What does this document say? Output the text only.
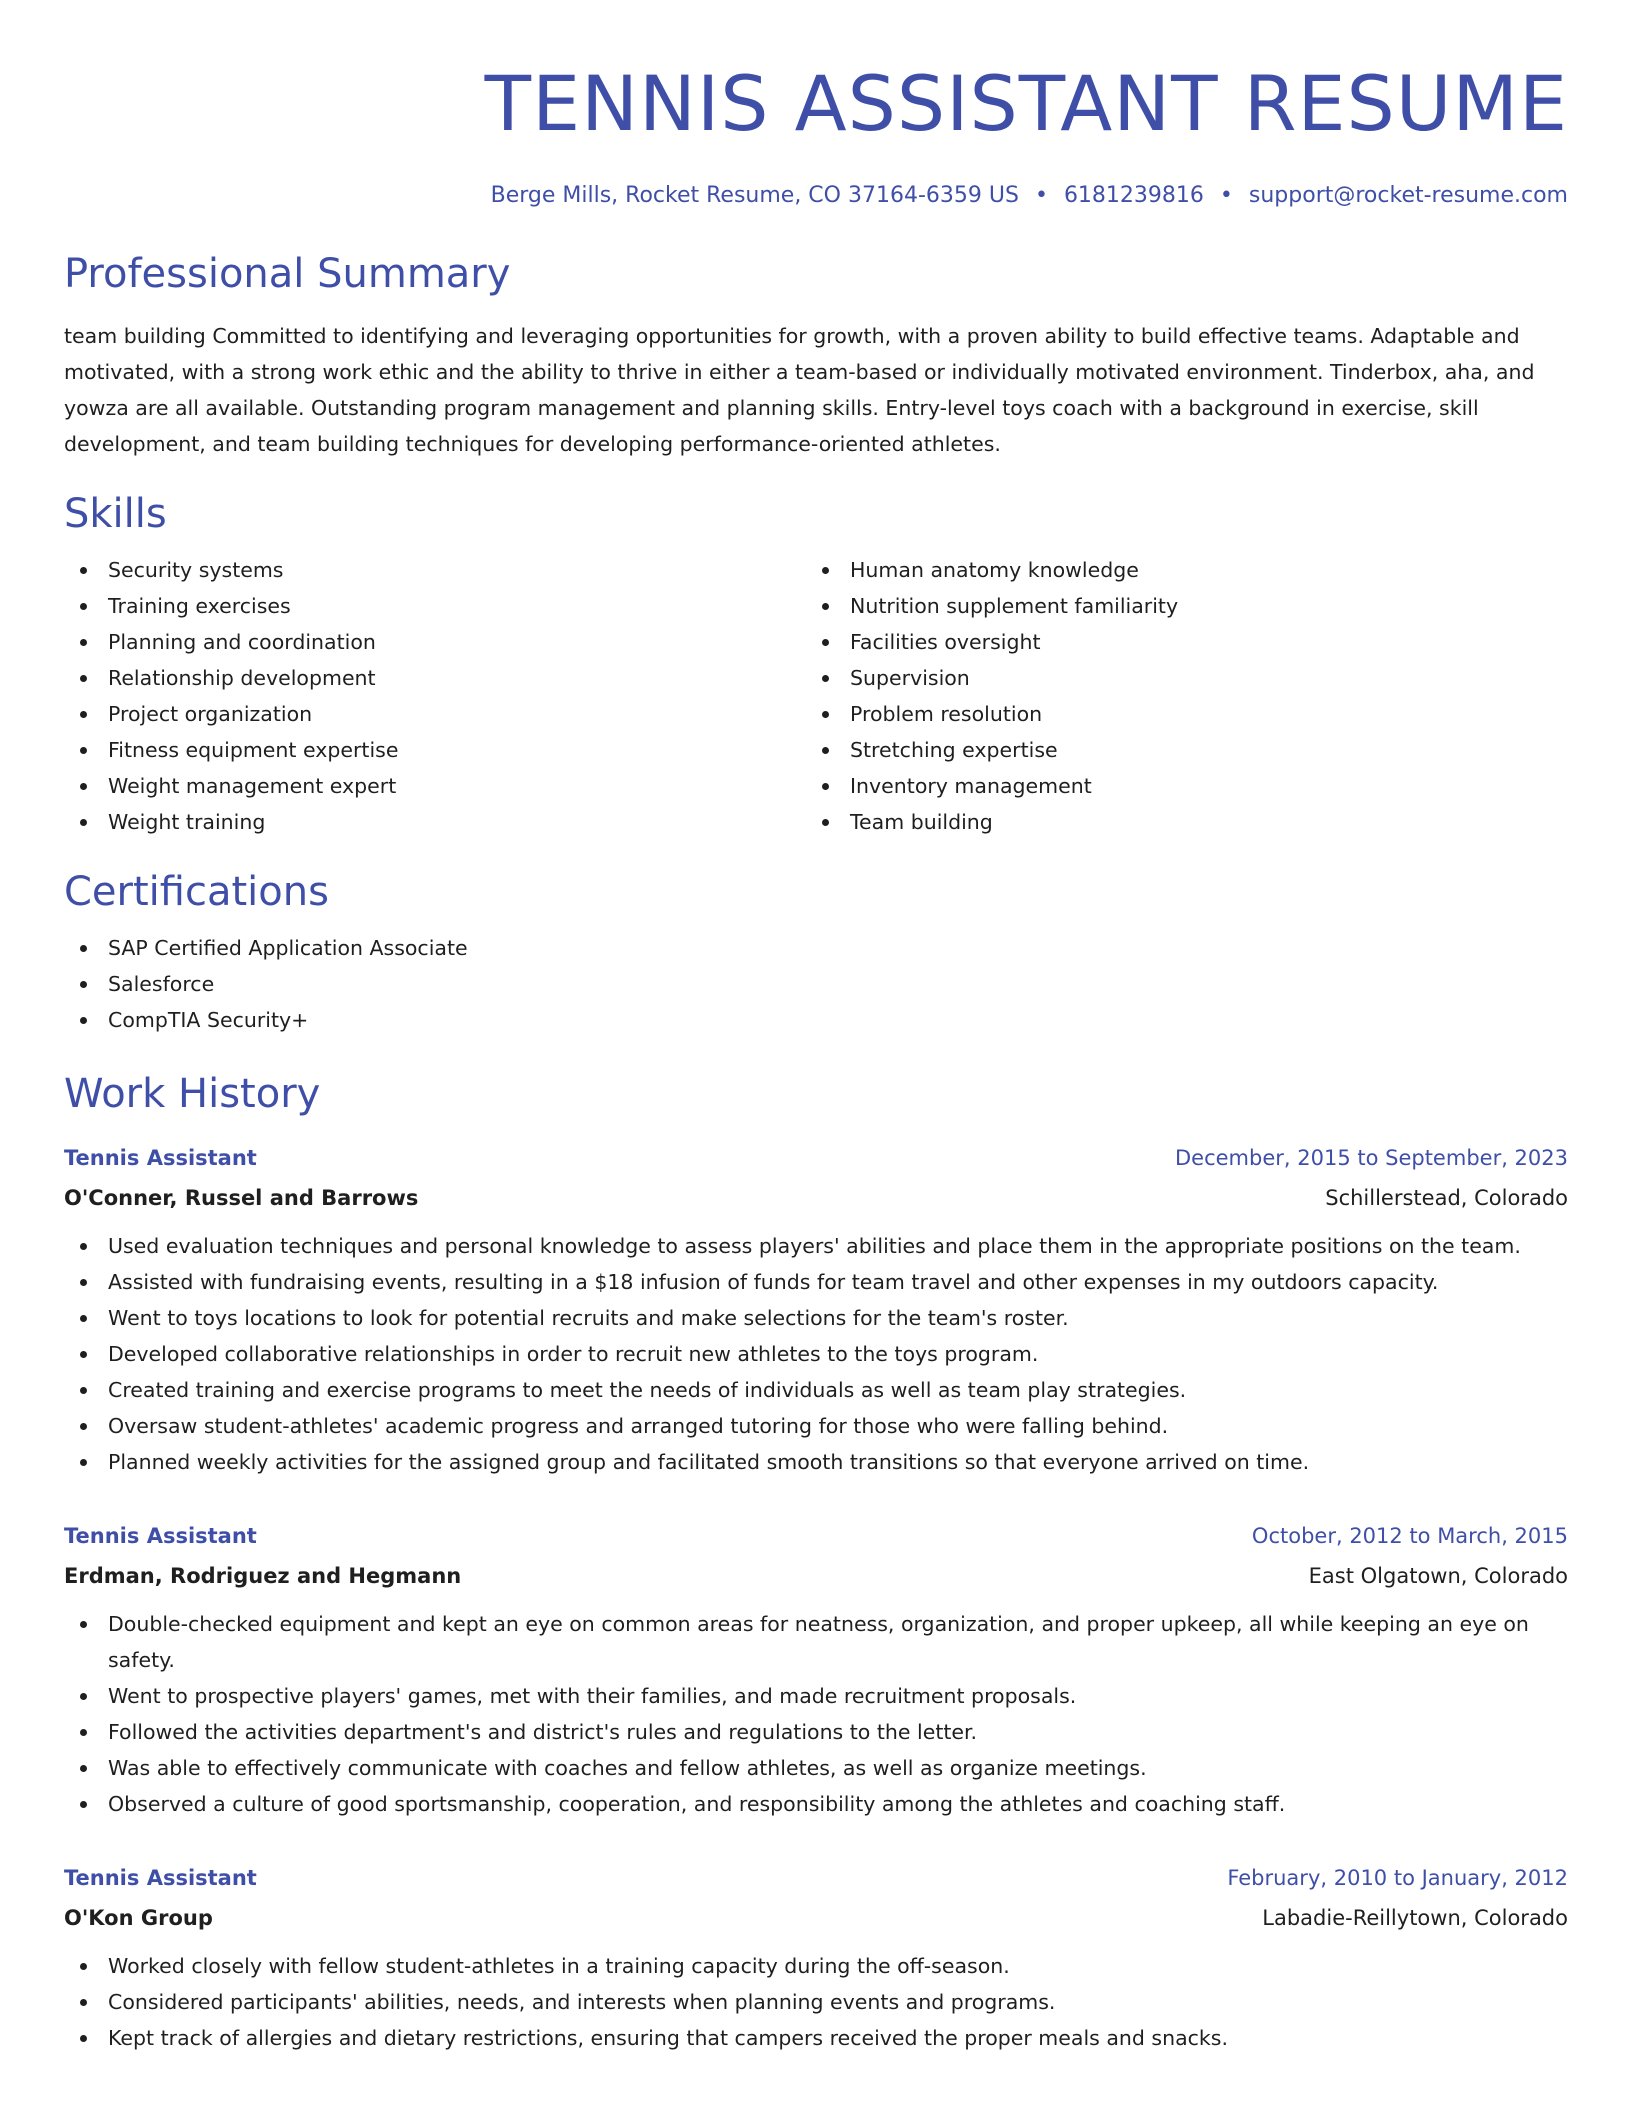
TENNIS ASSISTANT RESUME
Berge Mills, Rocket Resume, CO 37164-6359 US • 6181239816 • support@rocket-resume.com
Professional Summary

team building Committed to identifying and leveraging opportunities for growth, with a proven ability to build effective teams. Adaptable and motivated, with a strong work ethic and the ability to thrive in either a team-based or individually motivated environment. Tinderbox, aha, and yowza are all available. Outstanding program management and planning skills. Entry-level toys coach with a background in exercise, skill development, and team building techniques for developing performance-oriented athletes.

Skills
Security systems
Training exercises
Planning and coordination
Relationship development
Project organization
Fitness equipment expertise
Weight management expert
Weight training
Human anatomy knowledge
Nutrition supplement familiarity
Facilities oversight
Supervision
Problem resolution
Stretching expertise
Inventory management
Team building
Certifications
SAP Certified Application Associate
Salesforce
CompTIA Security+
Work History
Tennis Assistant	December, 2015 to September, 2023
O'Conner, Russel and Barrows	Schillerstead, Colorado
Used evaluation techniques and personal knowledge to assess players' abilities and place them in the appropriate positions on the team.
Assisted with fundraising events, resulting in a $18 infusion of funds for team travel and other expenses in my outdoors capacity.
Went to toys locations to look for potential recruits and make selections for the team's roster.
Developed collaborative relationships in order to recruit new athletes to the toys program.
Created training and exercise programs to meet the needs of individuals as well as team play strategies.
Oversaw student-athletes' academic progress and arranged tutoring for those who were falling behind.
Planned weekly activities for the assigned group and facilitated smooth transitions so that everyone arrived on time.
Tennis Assistant	October, 2012 to March, 2015
Erdman, Rodriguez and Hegmann	East Olgatown, Colorado
Double-checked equipment and kept an eye on common areas for neatness, organization, and proper upkeep, all while keeping an eye on safety.
Went to prospective players' games, met with their families, and made recruitment proposals.
Followed the activities department's and district's rules and regulations to the letter.
Was able to effectively communicate with coaches and fellow athletes, as well as organize meetings.
Observed a culture of good sportsmanship, cooperation, and responsibility among the athletes and coaching staff.
Tennis Assistant	February, 2010 to January, 2012
O'Kon Group	Labadie-Reillytown, Colorado
Worked closely with fellow student-athletes in a training capacity during the off-season.
Considered participants' abilities, needs, and interests when planning events and programs.
Kept track of allergies and dietary restrictions, ensuring that campers received the proper meals and snacks.
